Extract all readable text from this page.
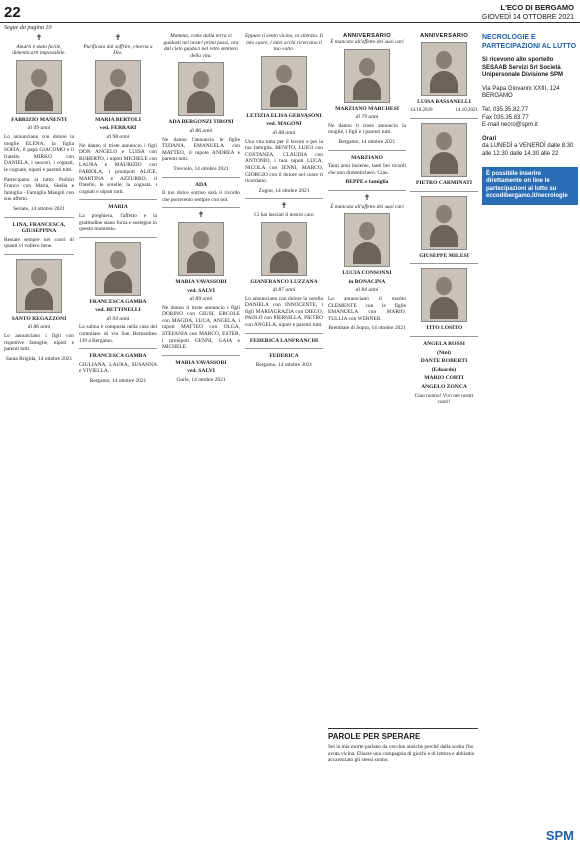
22	L'ECO DI BERGAMO
GIOVEDÌ 14 OTTOBRE 2021
Segue da pagina 10
✝

Amarti è stato facile, dimenticarti impossibile.

FABRIZIO MANENTI
di 49 anni

Lo annunciano con dolore la moglie ELENA, la figlia SOFIA, il papà GIACOMO e il fratello MIRKO con DANIELA, i suoceri, i cognati, le cognate, nipoti e parenti tutti.

Partecipano al lutto: Politiri Franco con Maria, Sheila e famiglia - Famiglia Mangili con suo affetto.

Seriate, 14 ottobre 2021

LINA, FRANCESCA, GIUSEPPINA

Restate sempre nei cuori di quanti vi vollero bene.

SANTO REGAZZONI
di 86 anni

Lo annunciano i figli con rispettive famiglie, nipoti e parenti tutti.

Santa Brigida, 14 ottobre 2021

✝

Purificata dal soffrire, ritorna a Dio.

MARIA BERTOLI
ved. FERRARI
di 98 anni

Ne danno il triste annuncio i figli DON ANGELO e LUISA con ROBERTO, i nipoti MICHELE con LAURA e MAURIZIO con FABIOLA, i pronipoti ALICE, MARTINA e AZZURRO, il fratello, le sorelle, la cognata, i cognati e nipoti tutti.

MARIA

La preghiera, l'affetto e la gratitudine siano forza e sostegno in questo momento.

FRANCESCA GAMBA
ved. BETTINELLI
di 94 anni

La salma è composta nella casa del commiato di via San Bernardino 139 a Bergamo.

FRANCESCA GAMBA

GIULIANA, LAURA, SUSANNA e VIVIELLA.

Bergamo, 14 ottobre 2021

Mamma, come dalla terra ci guidasti nei nostri primi passi, ora dal cielo guidaci nel retto sentiero della vita.

ADA BERGONZI TIRONI
di 86 anni

Ne danno l'annuncio le figlie TIZIANA, EMANUELA con MATTEO, il nipote ANDREA e parenti tutti.

Treviolo, 14 ottobre 2021

ADA

Il tuo dolce sorriso sarà il ricordo che porteremo sempre con noi.

✝
MARIA VAVASSORI
ved. SALVI
di 89 anni

Ne danno il triste annuncio i figli DORINO con GIUSI, ERCOLE con MAGDA, LUCA, ANGELA, i nipoti MATTEO con OLGA, STEFANIA con MARCO, ESTER, i pronipoti GENNI, GAIA e MICHELE.

MARIA VAVASSORI
ved. SALVI

Gorle, 14 ottobre 2021

Eppure ti sento vicino, in silenzio. Il mio cuore, i miei occhi ricercano il tuo volto.

LETIZIA ELISA GERVASONI
ved. MAGONI
di 88 anni

Una vita tutta per il lavoro e per la tua famiglia. BENITO, LUIGI con COSTANZA, CLAUDIA con ANTONIO, i tuoi nipoti LUCA, NICOLA con JENNI, MARCO, GIORGIO con il dolore nel cuore ti ricordano.

Zogno, 14 ottobre 2021

✝

Ci hai lasciati il nostro caro

GIANFRANCO LUZZANA
di 87 anni

Lo annunciano con dolore la sorella DANIELA con INNOCENTE, i figli MARIAGRAZIA con DIEGO, PAOLO con PIERNILLA, PIETRO con ANGELA, nipoti e parenti tutti.

FEDERICA LANFRANCHI
FEDERICA

Bergamo, 14 ottobre 2021

ANNIVERSARIO

È mancato all'affetto dei suoi cari

MARZIANO MARCHESI
di 79 anni

Ne danno il triste annuncio la moglie, i figli e i parenti tutti.

Bergamo, 14 ottobre 2021

MARZIANO

Tanti anni insieme, tanti bei ricordi che non dimenticherò. Ciao.

BEPPE e famiglia
✝

È mancata all'affetto dei suoi cari

LUCIA CONSONNI
in BONACINA
di 84 anni

Lo annunciano il marito CLEMENTE con le figlie EMANUELA con MARIO, TULLIA con WERNER.

Brembate di Sopra, 14 ottobre 2021

ANNIVERSARIO
LUISA BASSANELLI
14.10.2020	14.10.2021
PIETRO CARMINATI
GIUSEPPE MILESI
TITO LOSITO
ANGELA ROSSI
(Nini)
DANTE ROBERTI
(Edoardo)
MARIO CORTI
ANGELO ZONCA

Ciao nonno! Vivi nei nostri cuori!

PAROLE PER SPERARE

Sei la mia morte parlano da vecchie anziche perché dalla scelta l'ho avuta vicina. Elisare una compagnia di giochi e di lettura e abbiamo accarezzato gli stessi sonno.

NECROLOGIE E PARTECIPAZIONI AL LUTTO
Si ricevono allo sportello SESAAB Servizi Srl Società Unipersonale Divisione SPM
Via Papa Giovanni XXIII, 124 BERGAMO
Tel. 035.35.82.77
Fax 035.35.83.77
E-mail necro@spm.it
Orari
da LUNEDÌ a VENERDÌ dalle 8.30 alle 12.30 dalle 14.30 alle 22
È possibile inserire direttamente on line le partecipazioni al lutto su eccodibergamo.it/necrologie
SPM
